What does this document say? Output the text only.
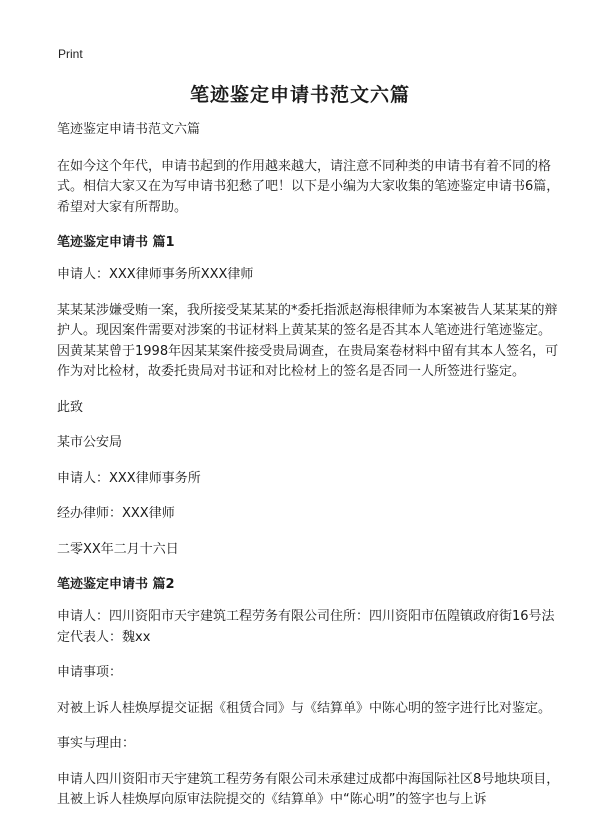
Print
笔迹鉴定申请书范文六篇

笔迹鉴定申请书范文六篇

在如今这个年代，申请书起到的作用越来越大，请注意不同种类的申请书有着不同的格式。相信大家又在为写申请书犯愁了吧！以下是小编为大家收集的笔迹鉴定申请书6篇，希望对大家有所帮助。

笔迹鉴定申请书 篇1

申请人：XXX律师事务所XXX律师

某某某涉嫌受贿一案，我所接受某某某的*委托指派赵海根律师为本案被告人某某某的辩护人。现因案件需要对涉案的书证材料上黄某某的签名是否其本人笔迹进行笔迹鉴定。因黄某某曾于1998年因某某案件接受贵局调查，在贵局案卷材料中留有其本人签名，可作为对比检材，故委托贵局对书证和对比检材上的签名是否同一人所签进行鉴定。

此致

某市公安局

申请人：XXX律师事务所

经办律师：XXX律师

二零XX年二月十六日

笔迹鉴定申请书 篇2

申请人：四川资阳市天宇建筑工程劳务有限公司住所：四川资阳市伍隍镇政府街16号法定代表人：魏xx

申请事项：

对被上诉人桂焕厚提交证据《租赁合同》与《结算单》中陈心明的签字进行比对鉴定。

事实与理由：

申请人四川资阳市天宇建筑工程劳务有限公司未承建过成都中海国际社区8号地块项目，且被上诉人桂焕厚向原审法院提交的《结算单》中“陈心明”的签字也与上诉
